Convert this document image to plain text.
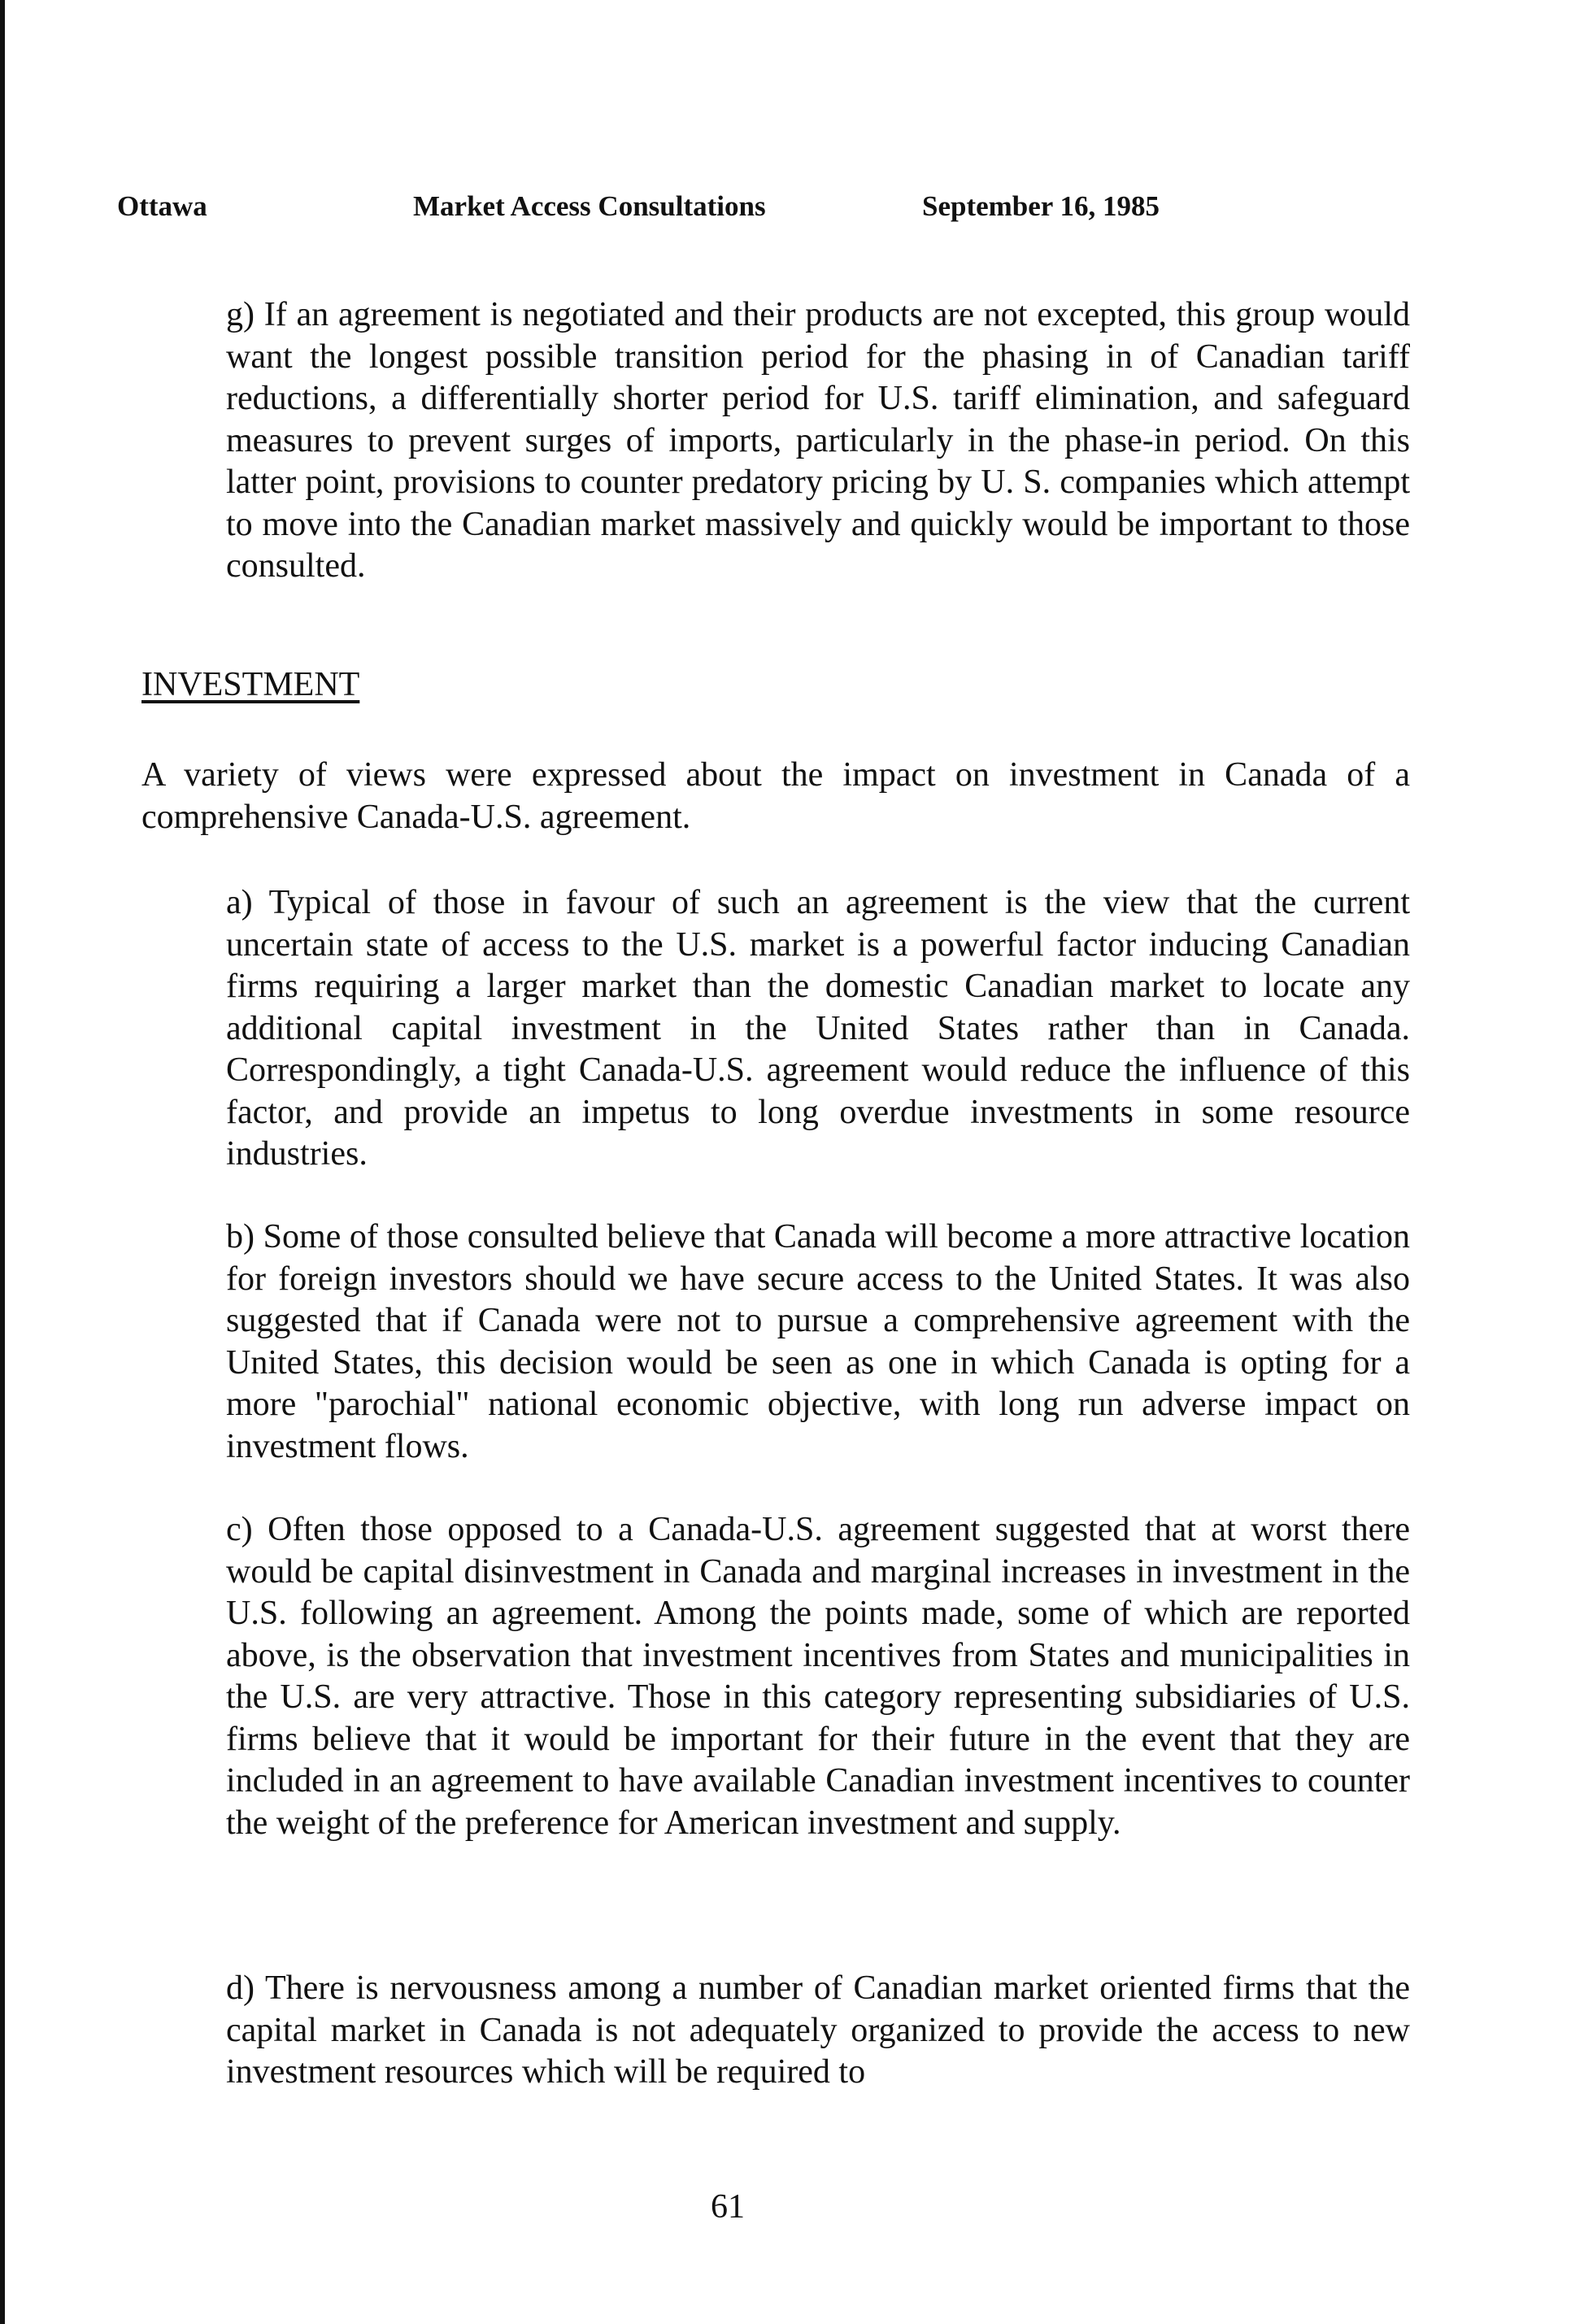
Ottawa	Market Access Consultations	September 16, 1985

g) If an agreement is negotiated and their products are not excepted, this group would want the longest possible transition period for the phasing in of Canadian tariff reductions, a differentially shorter period for U.S. tariff elimination, and safeguard measures to prevent surges of imports, particularly in the phase-in period. On this latter point, provisions to counter predatory pricing by U. S. companies which attempt to move into the Canadian market massively and quickly would be important to those consulted.

INVESTMENT

A variety of views were expressed about the impact on investment in Canada of a comprehensive Canada-U.S. agreement.

a) Typical of those in favour of such an agreement is the view that the current uncertain state of access to the U.S. market is a powerful factor inducing Canadian firms requiring a larger market than the domestic Canadian market to locate any additional capital investment in the United States rather than in Canada. Correspondingly, a tight Canada-U.S. agreement would reduce the influence of this factor, and provide an impetus to long overdue investments in some resource industries.

b) Some of those consulted believe that Canada will become a more attractive location for foreign investors should we have secure access to the United States. It was also suggested that if Canada were not to pursue a comprehensive agreement with the United States, this decision would be seen as one in which Canada is opting for a more "parochial" national economic objective, with long run adverse impact on investment flows.

c) Often those opposed to a Canada-U.S. agreement suggested that at worst there would be capital disinvestment in Canada and marginal increases in investment in the U.S. following an agreement. Among the points made, some of which are reported above, is the observation that investment incentives from States and municipalities in the U.S. are very attractive. Those in this category representing subsidiaries of U.S. firms believe that it would be important for their future in the event that they are included in an agreement to have available Canadian investment incentives to counter the weight of the preference for American investment and supply.

d) There is nervousness among a number of Canadian market oriented firms that the capital market in Canada is not adequately organized to provide the access to new investment resources which will be required to

61
